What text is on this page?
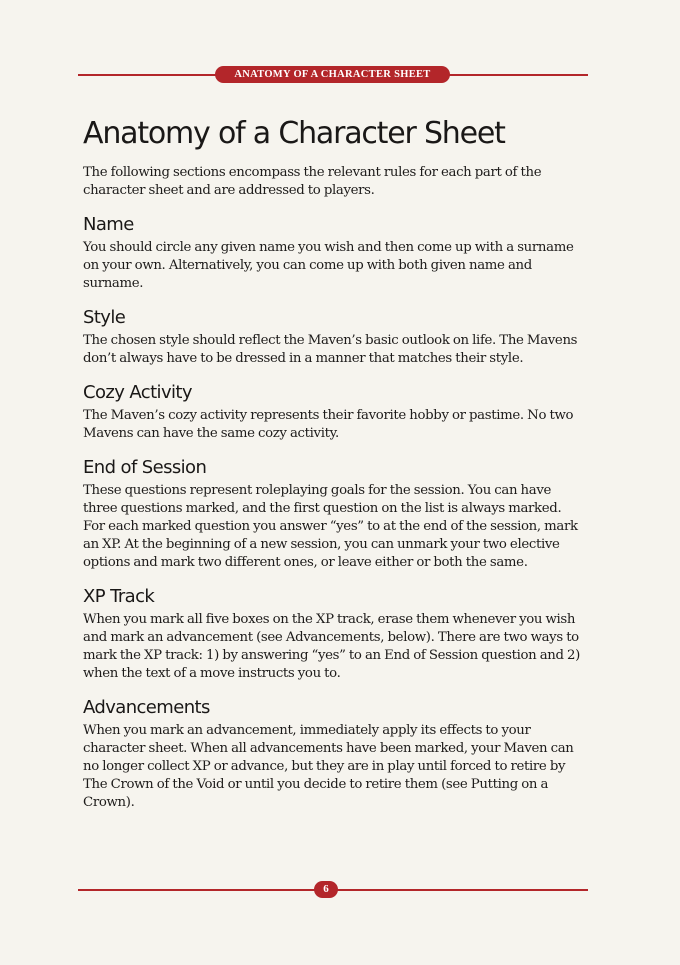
ANATOMY OF A CHARACTER SHEET
Anatomy of a Character Sheet

The following sections encompass the relevant rules for each part of the character sheet and are addressed to players.

Name

You should circle any given name you wish and then come up with a surname on your own. Alternatively, you can come up with both given name and surname.

Style

The chosen style should reflect the Maven’s basic outlook on life. The Mavens don’t always have to be dressed in a manner that matches their style.

Cozy Activity

The Maven’s cozy activity represents their favorite hobby or pastime. No two Mavens can have the same cozy activity.

End of Session

These questions represent roleplaying goals for the session. You can have three questions marked, and the first question on the list is always marked. For each marked question you answer “yes” to at the end of the session, mark an XP. At the beginning of a new session, you can unmark your two elective options and mark two different ones, or leave either or both the same.

XP Track

When you mark all five boxes on the XP track, erase them whenever you wish and mark an advancement (see Advancements, below). There are two ways to mark the XP track: 1) by answering “yes” to an End of Session question and 2) when the text of a move instructs you to.

Advancements

When you mark an advancement, immediately apply its effects to your character sheet. When all advancements have been marked, your Maven can no longer collect XP or advance, but they are in play until forced to retire by The Crown of the Void or until you decide to retire them (see Putting on a Crown).

6
